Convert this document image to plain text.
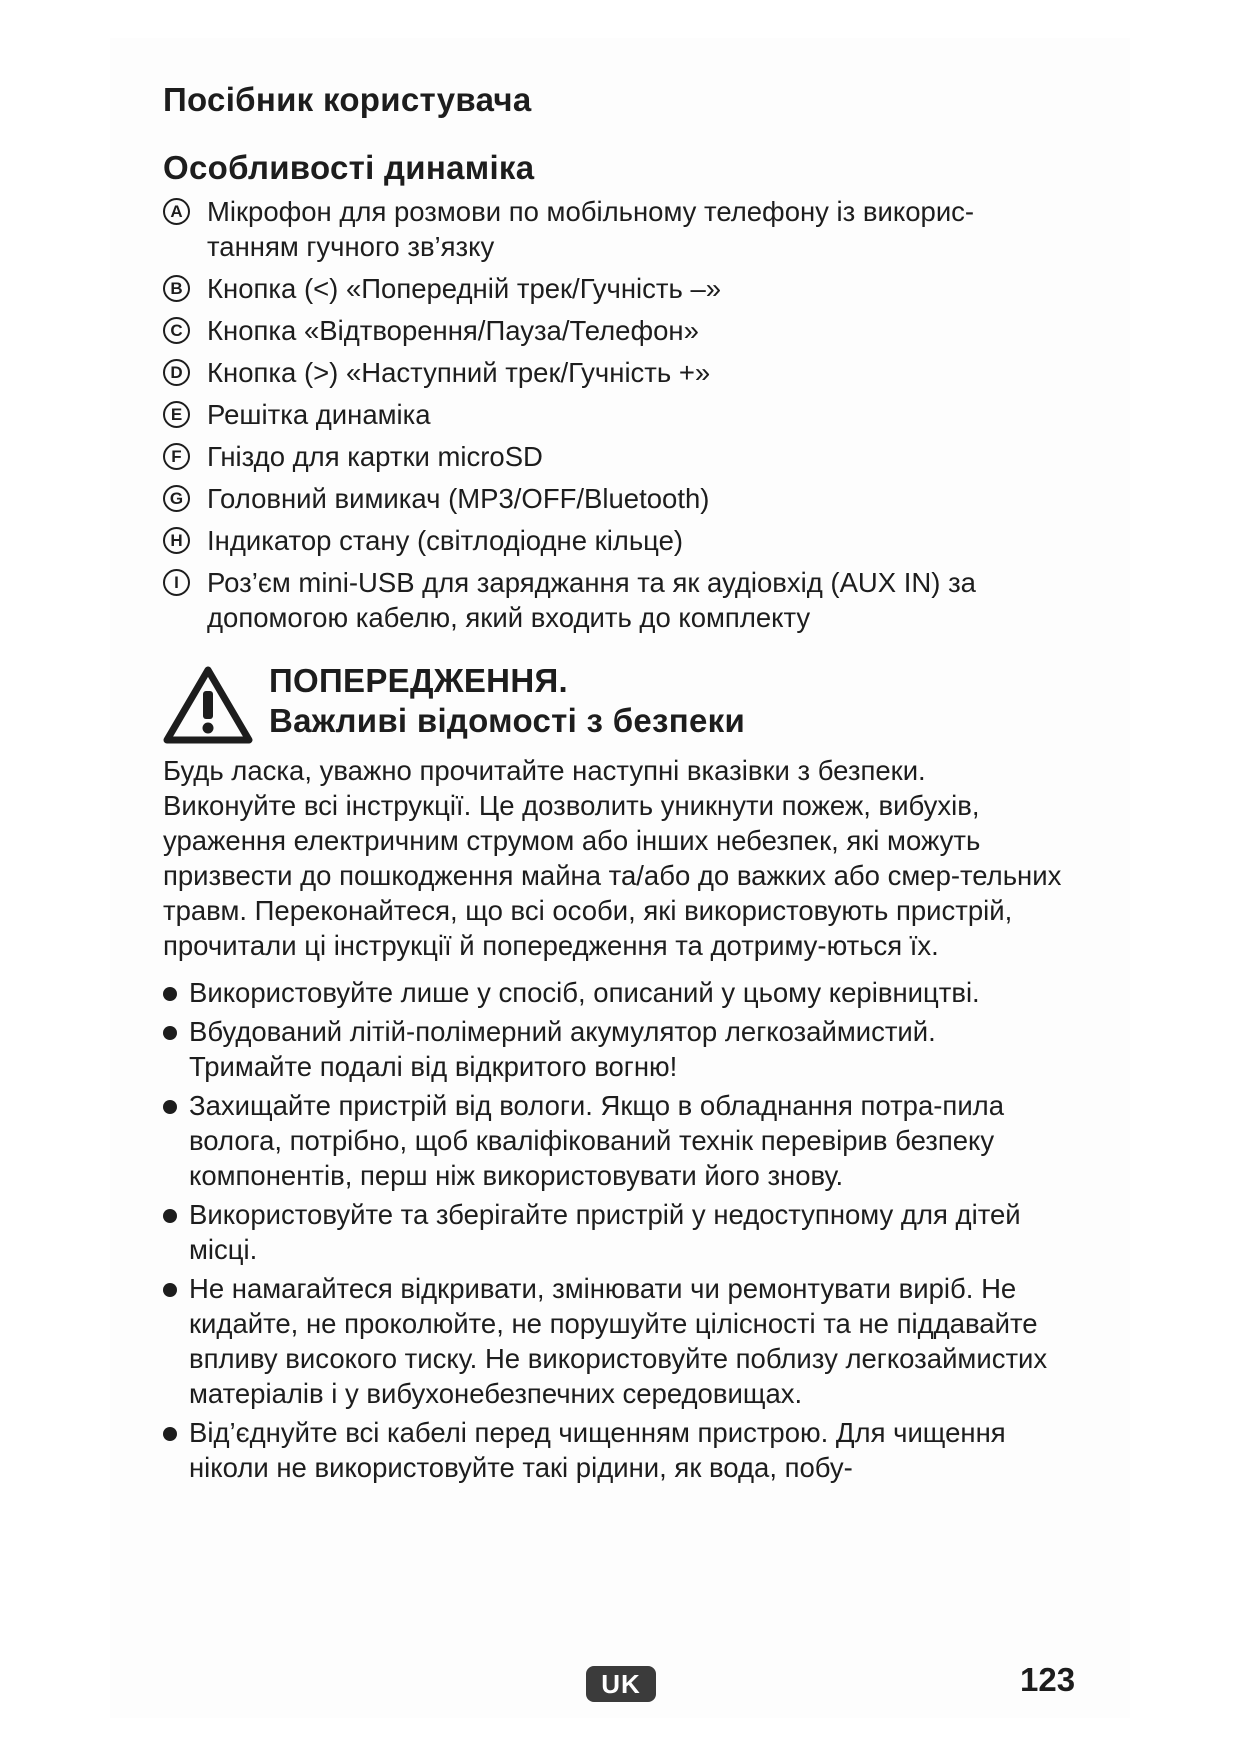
Посібник користувача
Особливості динаміка
A Мікрофон для розмови по мобільному телефону із викорис-танням гучного зв’язку
B Кнопка (<) «Попередній трек/Гучність –»
C Кнопка «Відтворення/Пауза/Телефон»
D Кнопка (>) «Наступний трек/Гучність +»
E Решітка динаміка
F Гніздо для картки microSD
G Головний вимикач (MP3/OFF/Bluetooth)
H Індикатор стану (світлодіодне кільце)
I	Роз’єм mini-USB для заряджання та як аудіовхід (AUX IN) за допомогою кабелю, який входить до комплекту
ПОПЕРЕДЖЕННЯ.
Важливі відомості з безпеки
Будь ласка, уважно прочитайте наступні вказівки з безпеки. Виконуйте всі інструкції. Це дозволить уникнути пожеж, вибухів, ураження електричним струмом або інших небезпек, які можуть призвести до пошкодження майна та/або до важких або смер-тельних травм. Переконайтеся, що всі особи, які використовують пристрій, прочитали ці інструкції й попередження та дотриму-ються їх.
Використовуйте лише у спосіб, описаний у цьому керівництві.
Вбудований літій-полімерний акумулятор легкозаймистий. Тримайте подалі від відкритого вогню!
Захищайте пристрій від вологи. Якщо в обладнання потра-пила волога, потрібно, щоб кваліфікований технік перевірив безпеку компонентів, перш ніж використовувати його знову.
Використовуйте та зберігайте пристрій у недоступному для дітей місці.
Не намагайтеся відкривати, змінювати чи ремонтувати виріб. Не кидайте, не проколюйте, не порушуйте цілісності та не піддавайте впливу високого тиску. Не використовуйте поблизу легкозаймистих матеріалів і у вибухонебезпечних середовищах.
Від’єднуйте всі кабелі перед чищенням пристрою. Для чищення ніколи не використовуйте такі рідини, як вода, побу-
UK	123
